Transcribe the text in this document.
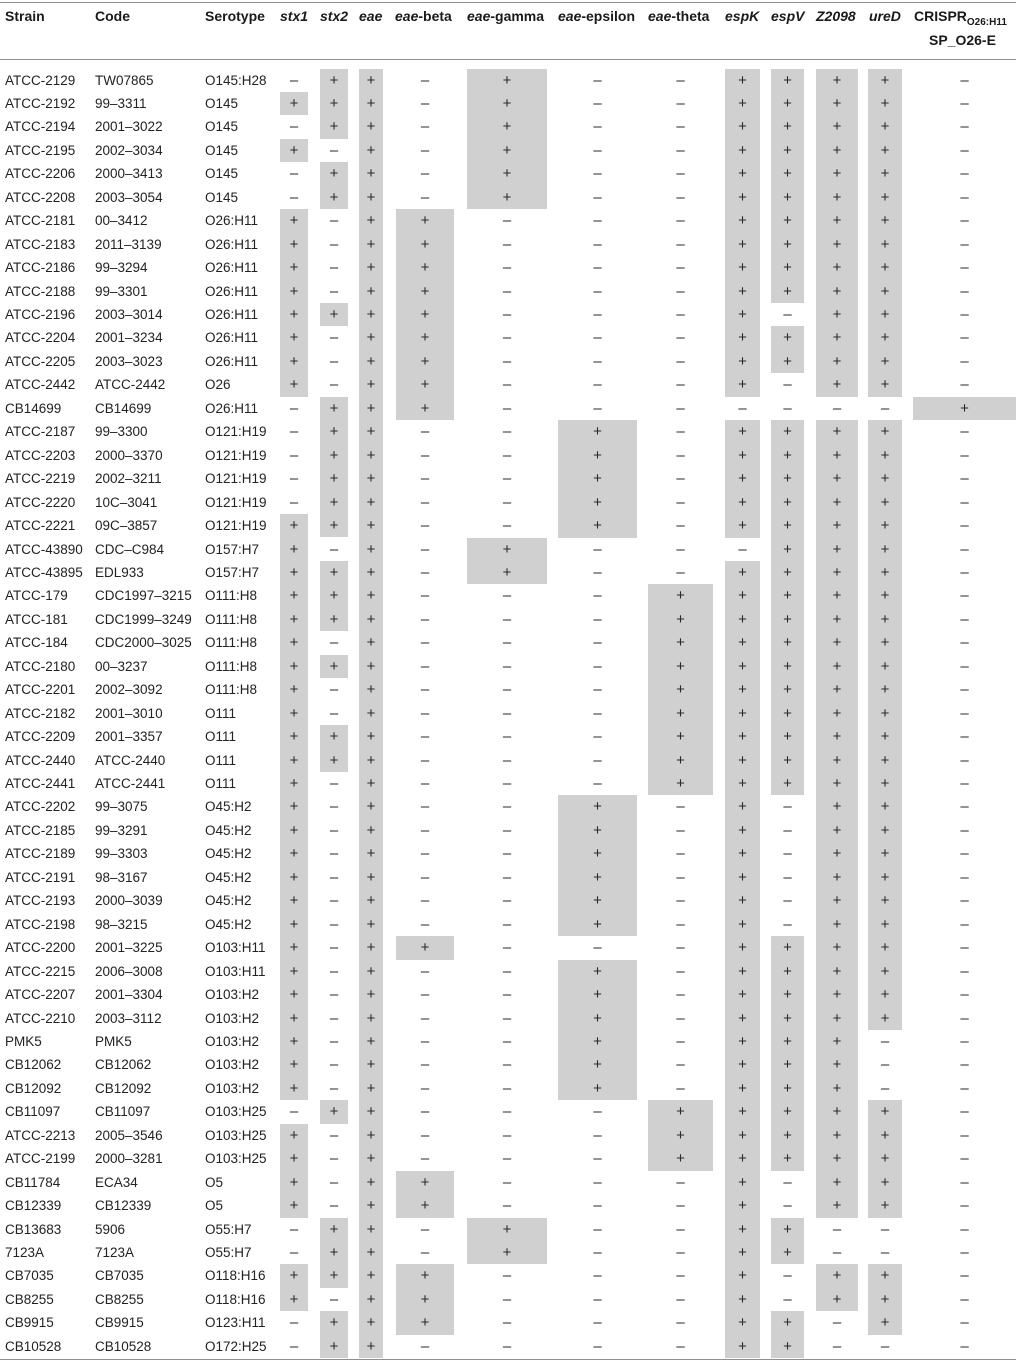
Strain	Code	Serotype stx1 stx2 eae eae-beta eae-gamma eae-epsilon eae-theta espK espV Z2098 ureD $CRISPR_{O26:H11}$
SP_O26-E
ATCC-2129	TW07865	O145:H28	–	+	+	–	+	–	–	+	+	+	+	–
ATCC-2192	99–3311	O145	+	+	+	–	+	–	–	+	+	+	+	–
ATCC-2194	2001–3022	O145	–	+	+	–	+	–	–	+	+	+	+	–
ATCC-2195	2002–3034	O145	+	–	+	–	+	–	–	+	+	+	+	–
ATCC-2206	2000–3413	O145	–	+	+	–	+	–	–	+	+	+	+	–
ATCC-2208	2003–3054	O145	–	+	+	–	+	–	–	+	+	+	+	–
ATCC-2181	00–3412	O26:H11	+	–	+	+	–	–	–	+	+	+	+	–
ATCC-2183	2011–3139	O26:H11	+	–	+	+	–	–	–	+	+	+	+	–
ATCC-2186	99–3294	O26:H11	+	–	+	+	–	–	–	+	+	+	+	–
ATCC-2188	99–3301	O26:H11	+	–	+	+	–	–	–	+	+	+	+	–
ATCC-2196	2003–3014	O26:H11	+	+	+	+	–	–	–	+	–	+	+	–
ATCC-2204	2001–3234	O26:H11	+	–	+	+	–	–	–	+	+	+	+	–
ATCC-2205	2003–3023	O26:H11	+	–	+	+	–	–	–	+	+	+	+	–
ATCC-2442	ATCC-2442	O26	+	–	+	+	–	–	–	+	–	+	+	–
CB14699	CB14699	O26:H11	–	+	+	+	–	–	–	–	–	–	–	+
ATCC-2187	99–3300	O121:H19	–	+	+	–	–	+	–	+	+	+	+	–
ATCC-2203	2000–3370	O121:H19	–	+	+	–	–	+	–	+	+	+	+	–
ATCC-2219	2002–3211	O121:H19	–	+	+	–	–	+	–	+	+	+	+	–
ATCC-2220	10C–3041	O121:H19	–	+	+	–	–	+	–	+	+	+	+	–
ATCC-2221	09C–3857	O121:H19	+	+	+	–	–	+	–	+	+	+	+	–
ATCC-43890 CDC–C984	O157:H7	+	–	+	–	+	–	–	–	+	+	+	–
ATCC-43895 EDL933	O157:H7	+	+	+	–	+	–	–	+	+	+	+	–
ATCC-179	CDC1997–3215 O111:H8	+	+	+	–	–	–	+	+	+	+	+	–
ATCC-181	CDC1999–3249 O111:H8	+	+	+	–	–	–	+	+	+	+	+	–
ATCC-184	CDC2000–3025 O111:H8	+	–	+	–	–	–	+	+	+	+	+	–
ATCC-2180	00–3237	O111:H8	+	+	+	–	–	–	+	+	+	+	+	–
ATCC-2201	2002–3092	O111:H8	+	–	+	–	–	–	+	+	+	+	+	–
ATCC-2182	2001–3010	O111	+	–	+	–	–	–	+	+	+	+	+	–
ATCC-2209	2001–3357	O111	+	+	+	–	–	–	+	+	+	+	+	–
ATCC-2440	ATCC-2440	O111	+	+	+	–	–	–	+	+	+	+	+	–
ATCC-2441	ATCC-2441	O111	+	–	+	–	–	–	+	+	+	+	+	–
ATCC-2202	99–3075	O45:H2	+	–	+	–	–	+	–	+	–	+	+	–
ATCC-2185	99–3291	O45:H2	+	–	+	–	–	+	–	+	–	+	+	–
ATCC-2189	99–3303	O45:H2	+	–	+	–	–	+	–	+	–	+	+	–
ATCC-2191	98–3167	O45:H2	+	–	+	–	–	+	–	+	–	+	+	–
ATCC-2193	2000–3039	O45:H2	+	–	+	–	–	+	–	+	–	+	+	–
ATCC-2198	98–3215	O45:H2	+	–	+	–	–	+	–	+	–	+	+	–
ATCC-2200	2001–3225	O103:H11	+	–	+	+	–	–	–	+	+	+	+	–
ATCC-2215	2006–3008	O103:H11	+	–	+	–	–	+	–	+	+	+	+	–
ATCC-2207	2001–3304	O103:H2	+	–	+	–	–	+	–	+	+	+	+	–
ATCC-2210	2003–3112	O103:H2	+	–	+	–	–	+	–	+	+	+	+	–
PMK5	PMK5	O103:H2	+	–	+	–	–	+	–	+	+	+	–	–
CB12062	CB12062	O103:H2	+	–	+	–	–	+	–	+	+	+	–	–
CB12092	CB12092	O103:H2	+	–	+	–	–	+	–	+	+	+	–	–
CB11097	CB11097	O103:H25	–	+	+	–	–	–	+	+	+	+	+	–
ATCC-2213	2005–3546	O103:H25	+	–	+	–	–	–	+	+	+	+	+	–
ATCC-2199	2000–3281	O103:H25	+	–	+	–	–	–	+	+	+	+	+	–
CB11784	ECA34	O5	+	–	+	+	–	–	–	+	–	+	+	–
CB12339	CB12339	O5	+	–	+	+	–	–	–	+	–	+	+	–
CB13683	5906	O55:H7	–	+	+	–	+	–	–	+	+	–	–	–
7123A	7123A	O55:H7	–	+	+	–	+	–	–	+	+	–	–	–
CB7035	CB7035	O118:H16	+	+	+	+	–	–	–	+	–	+	+	–
CB8255	CB8255	O118:H16	+	–	+	+	–	–	–	+	–	+	+	–
CB9915	CB9915	O123:H11	–	+	+	+	–	–	–	+	+	–	+	–
CB10528	CB10528	O172:H25	–	+	+	–	–	–	–	+	+	–	–	–
